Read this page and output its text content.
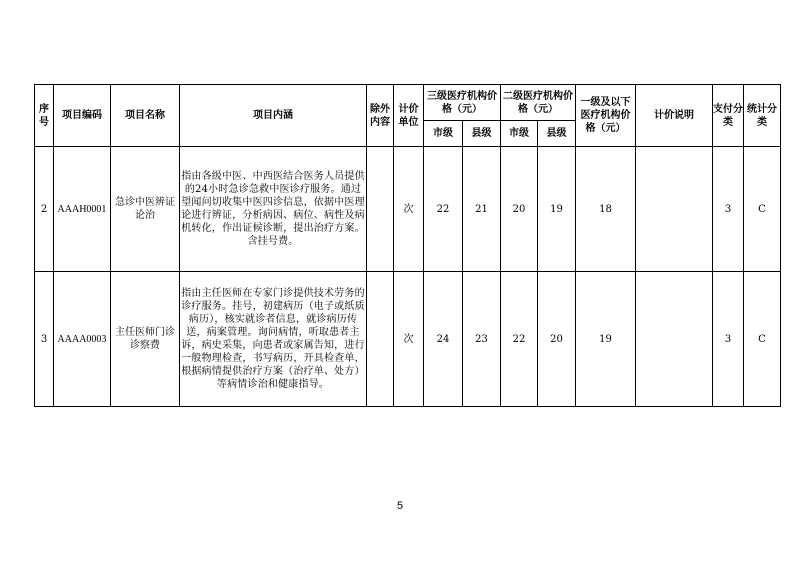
序号	项目编码	项目名称	项目内涵	除外内容	计价单位	三级医疗机构价格（元）		二级医疗机构价格（元）		一级及以下医疗机构价格（元）	计价说明	支付分类	统计分类
						市级	县级	市级	县级				
2	AAAH0001	急诊中医辨证论治	指由各级中医、中西医结合医务人员提供的24小时急诊急救中医诊疗服务。通过望闻问切收集中医四诊信息，依据中医理论进行辨证，分析病因、病位、病性及病机转化，作出证候诊断，提出治疗方案。含挂号费。		次	22	21	20	19	18		3	C
3	AAAA0003	主任医师门诊诊察费	指由主任医师在专家门诊提供技术劳务的诊疗服务。挂号，初建病历（电子或纸质病历），核实就诊者信息，就诊病历传送，病案管理。询问病情，听取患者主诉，病史采集，向患者或家属告知，进行一般物理检查，书写病历，开具检查单，根据病情提供治疗方案（治疗单、处方）等病情诊治和健康指导。		次	24	23	22	20	19		3	C
5
